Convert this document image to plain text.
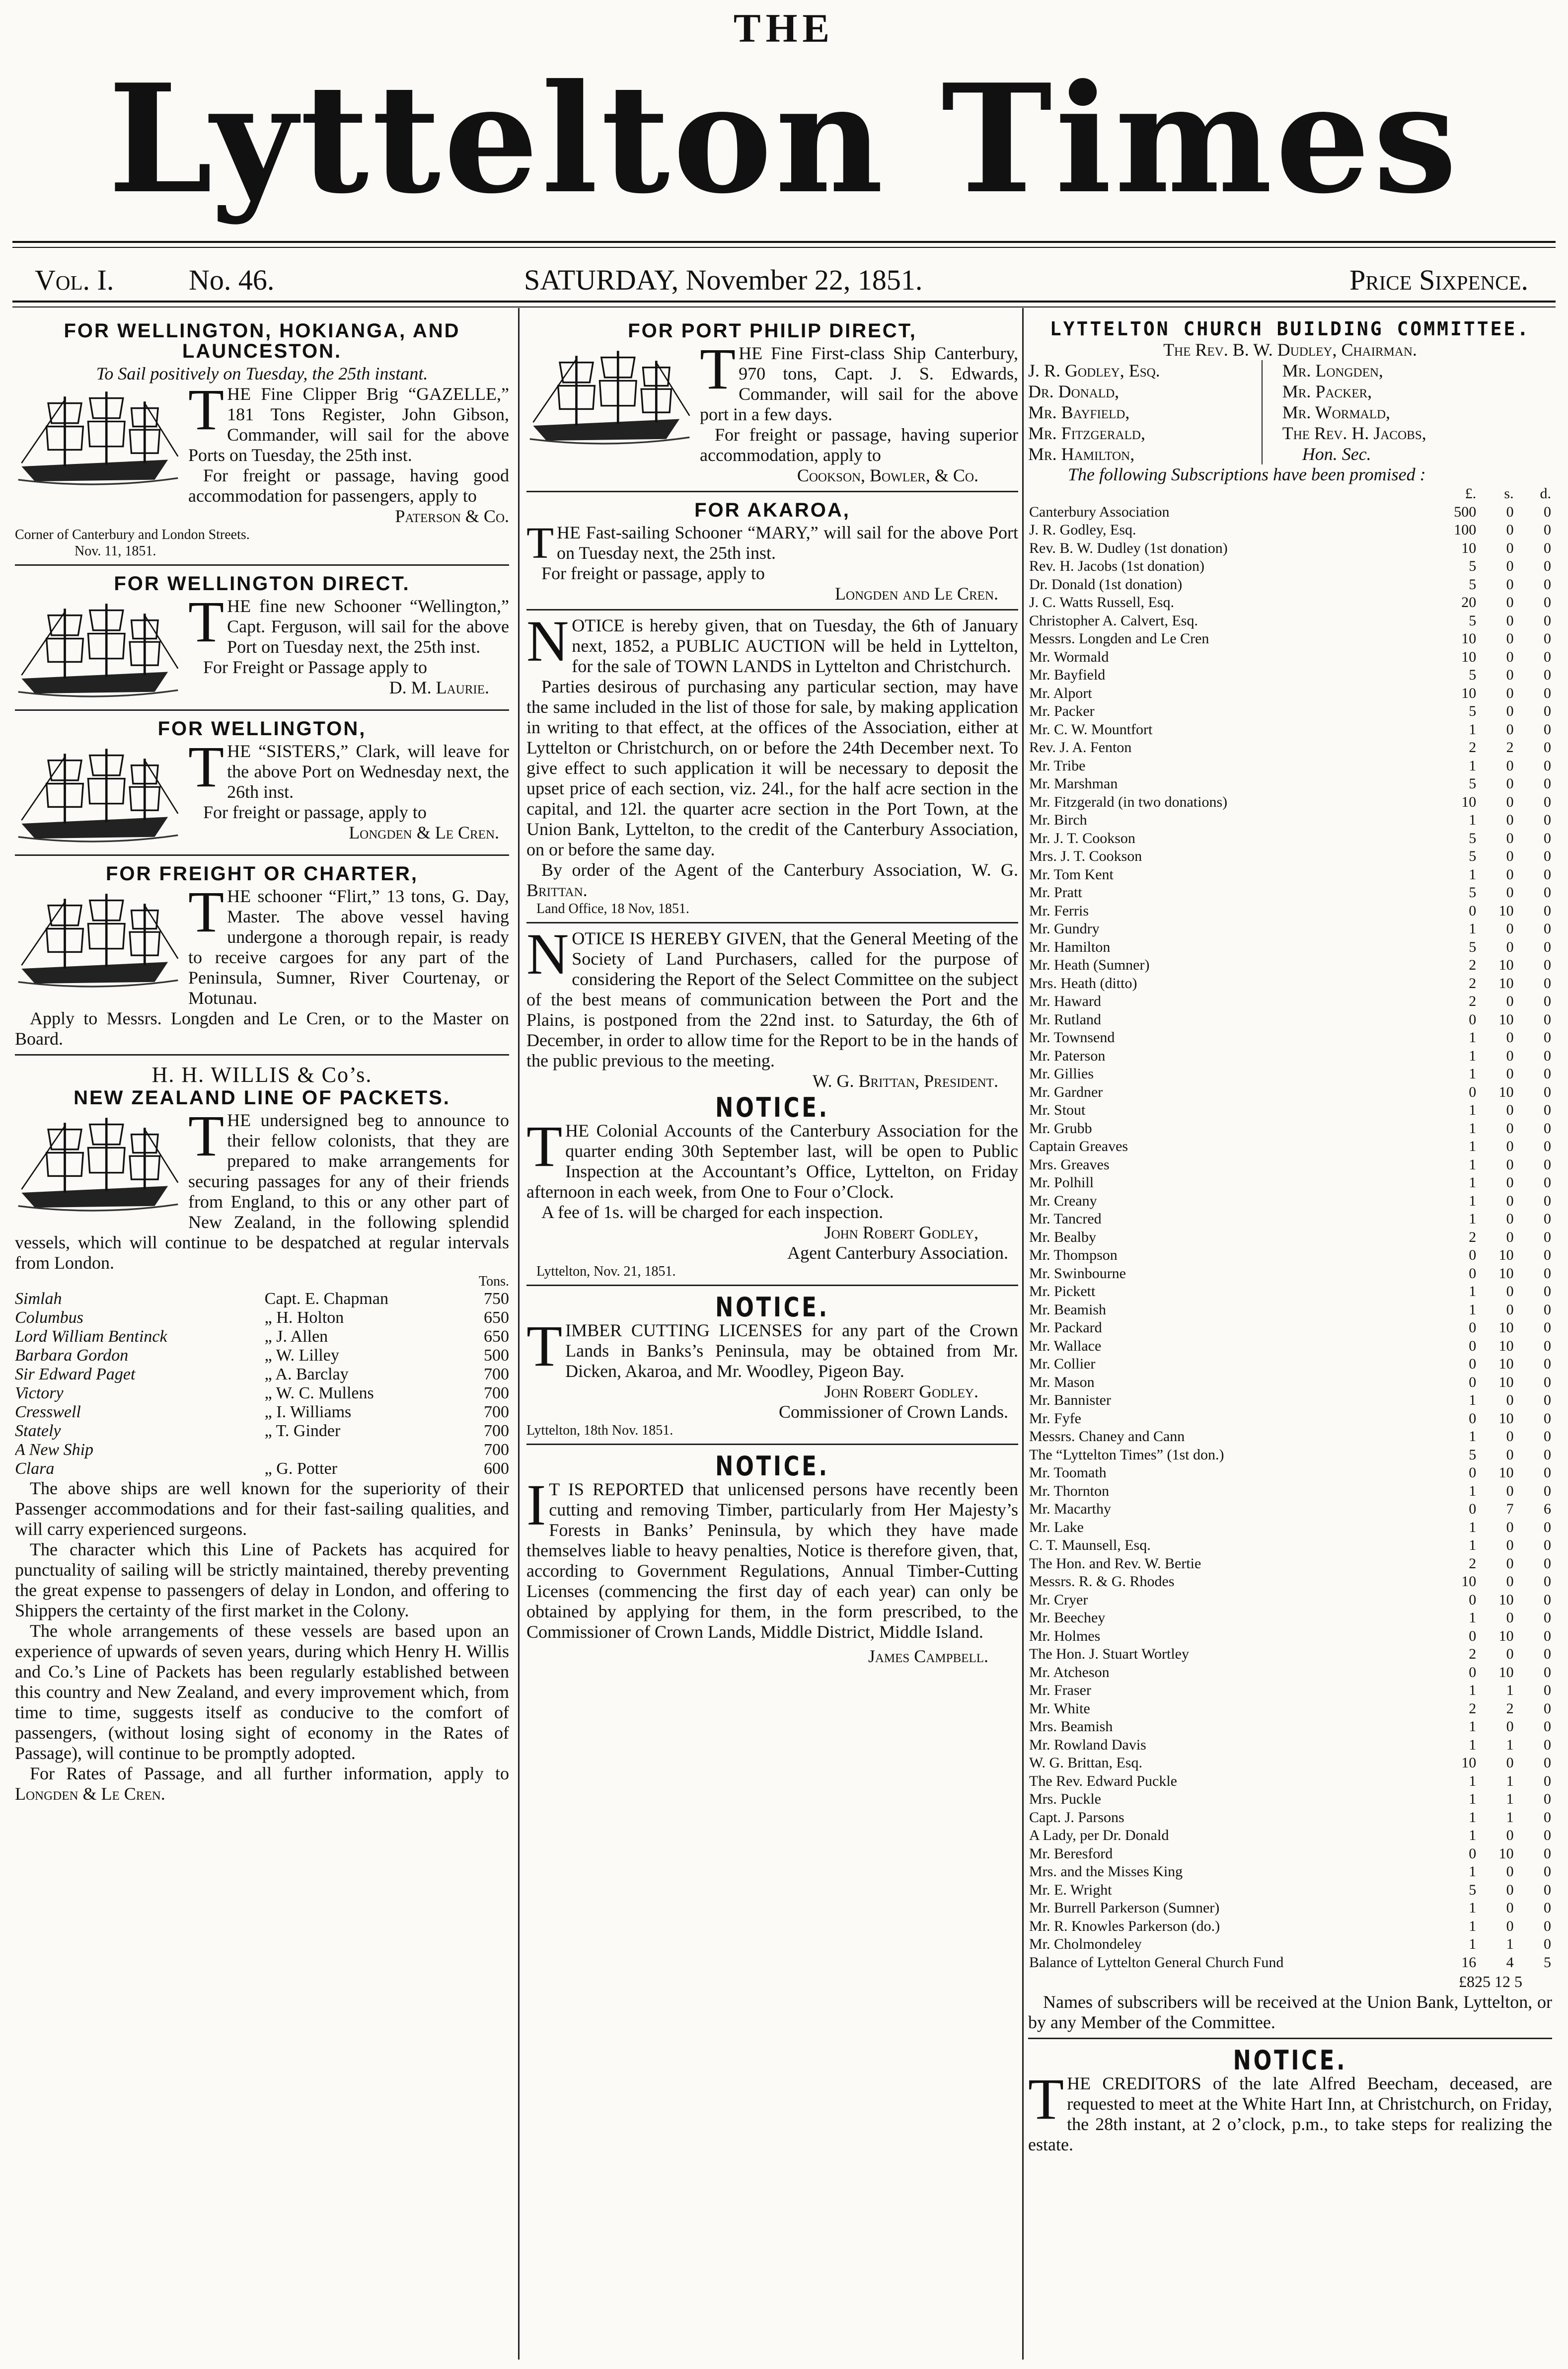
THE
Lyttelton Times
Vol. I.	No. 46.	SATURDAY, November 22, 1851.	Price Sixpence.
FOR WELLINGTON, HOKIANGA, AND LAUNCESTON.
To Sail positively on Tuesday, the 25th instant.
THE Fine Clipper Brig “GAZELLE,” 181 Tons Register, John Gibson, Commander, will sail for the above Ports on Tuesday, the 25th inst.
For freight or passage, having good accommodation for passengers, apply to
Paterson & Co.
Corner of Canterbury and London Streets.
Nov. 11, 1851.
FOR WELLINGTON DIRECT.
THE fine new Schooner “Wellington,” Capt. Ferguson, will sail for the above Port on Tuesday next, the 25th inst.
For Freight or Passage apply to
D. M. Laurie.
FOR WELLINGTON,
THE “SISTERS,” Clark, will leave for the above Port on Wednesday next, the 26th inst.
For freight or passage, apply to
Longden & Le Cren.
FOR FREIGHT OR CHARTER,
THE schooner “Flirt,” 13 tons, G. Day, Master. The above vessel having undergone a thorough repair, is ready to receive cargoes for any part of the Peninsula, Sumner, River Courtenay, or Motunau.
Apply to Messrs. Longden and Le Cren, or to the Master on Board.
H. H. WILLIS & Co’s.
NEW ZEALAND LINE OF PACKETS.
THE undersigned beg to announce to their fellow colonists, that they are prepared to make arrangements for securing passages for any of their friends from England, to this or any other part of New Zealand, in the following splendid vessels, which will continue to be despatched at regular intervals from London.
Tons.
Simlah	Capt. E. Chapman	750
Columbus	„ H. Holton	650
Lord William Bentinck	„ J. Allen	650
Barbara Gordon	„ W. Lilley	500
Sir Edward Paget	„ A. Barclay	700
Victory	„ W. C. Mullens	700
Cresswell	„ I. Williams	700
Stately	„ T. Ginder	700
A New Ship		700
Clara	„ G. Potter	600
The above ships are well known for the superiority of their Passenger accommodations and for their fast-sailing qualities, and will carry experienced surgeons.
The character which this Line of Packets has acquired for punctuality of sailing will be strictly maintained, thereby preventing the great expense to passengers of delay in London, and offering to Shippers the certainty of the first market in the Colony.
The whole arrangements of these vessels are based upon an experience of upwards of seven years, during which Henry H. Willis and Co.’s Line of Packets has been regularly established between this country and New Zealand, and every improvement which, from time to time, suggests itself as conducive to the comfort of passengers, (without losing sight of economy in the Rates of Passage), will continue to be promptly adopted.
For Rates of Passage, and all further information, apply to Longden & Le Cren.
FOR PORT PHILIP DIRECT,
THE Fine First-class Ship Canterbury, 970 tons, Capt. J. S. Edwards, Commander, will sail for the above port in a few days.
For freight or passage, having superior accommodation, apply to
Cookson, Bowler, & Co.
FOR AKAROA,
THE Fast-sailing Schooner “MARY,” will sail for the above Port on Tuesday next, the 25th inst.
For freight or passage, apply to
Longden and Le Cren.
NOTICE is hereby given, that on Tuesday, the 6th of January next, 1852, a PUBLIC AUCTION will be held in Lyttelton, for the sale of TOWN LANDS in Lyttelton and Christchurch.
Parties desirous of purchasing any particular section, may have the same included in the list of those for sale, by making application in writing to that effect, at the offices of the Association, either at Lyttelton or Christchurch, on or before the 24th December next. To give effect to such application it will be necessary to deposit the upset price of each section, viz. 24l., for the half acre section in the capital, and 12l. the quarter acre section in the Port Town, at the Union Bank, Lyttelton, to the credit of the Canterbury Association, on or before the same day.
By order of the Agent of the Canterbury Association, W. G. Brittan.
Land Office, 18 Nov, 1851.
NOTICE IS HEREBY GIVEN, that the General Meeting of the Society of Land Purchasers, called for the purpose of considering the Report of the Select Committee on the subject of the best means of communication between the Port and the Plains, is postponed from the 22nd inst. to Saturday, the 6th of December, in order to allow time for the Report to be in the hands of the public previous to the meeting.
W. G. Brittan, President.
NOTICE.
THE Colonial Accounts of the Canterbury Association for the quarter ending 30th September last, will be open to Public Inspection at the Accountant’s Office, Lyttelton, on Friday afternoon in each week, from One to Four o’Clock.
A fee of 1s. will be charged for each inspection.
John Robert Godley,
Agent Canterbury Association.
Lyttelton, Nov. 21, 1851.
NOTICE.
TIMBER CUTTING LICENSES for any part of the Crown Lands in Banks’s Peninsula, may be obtained from Mr. Dicken, Akaroa, and Mr. Woodley, Pigeon Bay.
John Robert Godley.
Commissioner of Crown Lands.
Lyttelton, 18th Nov. 1851.
NOTICE.
I T IS REPORTED that unlicensed persons have recently been cutting and removing Timber, particularly from Her Majesty’s Forests in Banks’ Peninsula, by which they have made themselves liable to heavy penalties, Notice is therefore given, that, according to Government Regulations, Annual Timber-Cutting Licenses (commencing the first day of each year) can only be obtained by applying for them, in the form prescribed, to the Commissioner of Crown Lands, Middle District, Middle Island.
James Campbell.
LYTTELTON CHURCH BUILDING COMMITTEE.
The Rev. B. W. Dudley, Chairman.
J. R. Godley, Esq.	Mr. Longden,
Dr. Donald,	Mr. Packer,
Mr. Bayfield,	Mr. Wormald,
Mr. Fitzgerald,	The Rev. H. Jacobs,
Mr. Hamilton,	Hon. Sec.
The following Subscriptions have been promised :
	£.	s.	d.
Canterbury Association	500	0	0
J. R. Godley, Esq.	100	0	0
Rev. B. W. Dudley (1st donation)	10	0	0
Rev. H. Jacobs (1st donation)	5	0	0
Dr. Donald (1st donation)	5	0	0
J. C. Watts Russell, Esq.	20	0	0
Christopher A. Calvert, Esq.	5	0	0
Messrs. Longden and Le Cren	10	0	0
Mr. Wormald	10	0	0
Mr. Bayfield	5	0	0
Mr. Alport	10	0	0
Mr. Packer	5	0	0
Mr. C. W. Mountfort	1	0	0
Rev. J. A. Fenton	2	2	0
Mr. Tribe	1	0	0
Mr. Marshman	5	0	0
Mr. Fitzgerald (in two donations)	10	0	0
Mr. Birch	1	0	0
Mr. J. T. Cookson	5	0	0
Mrs. J. T. Cookson	5	0	0
Mr. Tom Kent	1	0	0
Mr. Pratt	5	0	0
Mr. Ferris	0	10	0
Mr. Gundry	1	0	0
Mr. Hamilton	5	0	0
Mr. Heath (Sumner)	2	10	0
Mrs. Heath (ditto)	2	10	0
Mr. Haward	2	0	0
Mr. Rutland	0	10	0
Mr. Townsend	1	0	0
Mr. Paterson	1	0	0
Mr. Gillies	1	0	0
Mr. Gardner	0	10	0
Mr. Stout	1	0	0
Mr. Grubb	1	0	0
Captain Greaves	1	0	0
Mrs. Greaves	1	0	0
Mr. Polhill	1	0	0
Mr. Creany	1	0	0
Mr. Tancred	1	0	0
Mr. Bealby	2	0	0
Mr. Thompson	0	10	0
Mr. Swinbourne	0	10	0
Mr. Pickett	1	0	0
Mr. Beamish	1	0	0
Mr. Packard	0	10	0
Mr. Wallace	0	10	0
Mr. Collier	0	10	0
Mr. Mason	0	10	0
Mr. Bannister	1	0	0
Mr. Fyfe	0	10	0
Messrs. Chaney and Cann	1	0	0
The “Lyttelton Times” (1st don.)	5	0	0
Mr. Toomath	0	10	0
Mr. Thornton	1	0	0
Mr. Macarthy	0	7	6
Mr. Lake	1	0	0
C. T. Maunsell, Esq.	1	0	0
The Hon. and Rev. W. Bertie	2	0	0
Messrs. R. & G. Rhodes	10	0	0
Mr. Cryer	0	10	0
Mr. Beechey	1	0	0
Mr. Holmes	0	10	0
The Hon. J. Stuart Wortley	2	0	0
Mr. Atcheson	0	10	0
Mr. Fraser	1	1	0
Mr. White	2	2	0
Mrs. Beamish	1	0	0
Mr. Rowland Davis	1	1	0
W. G. Brittan, Esq.	10	0	0
The Rev. Edward Puckle	1	1	0
Mrs. Puckle	1	1	0
Capt. J. Parsons	1	1	0
A Lady, per Dr. Donald	1	0	0
Mr. Beresford	0	10	0
Mrs. and the Misses King	1	0	0
Mr. E. Wright	5	0	0
Mr. Burrell Parkerson (Sumner)	1	0	0
Mr. R. Knowles Parkerson (do.)	1	0	0
Mr. Cholmondeley	1	1	0
Balance of Lyttelton General Church Fund	16	4	5
£825 12 5
Names of subscribers will be received at the Union Bank, Lyttelton, or by any Member of the Committee.
NOTICE.
THE CREDITORS of the late Alfred Beecham, deceased, are requested to meet at the White Hart Inn, at Christchurch, on Friday, the 28th instant, at 2 o’clock, p.m., to take steps for realizing the estate.
